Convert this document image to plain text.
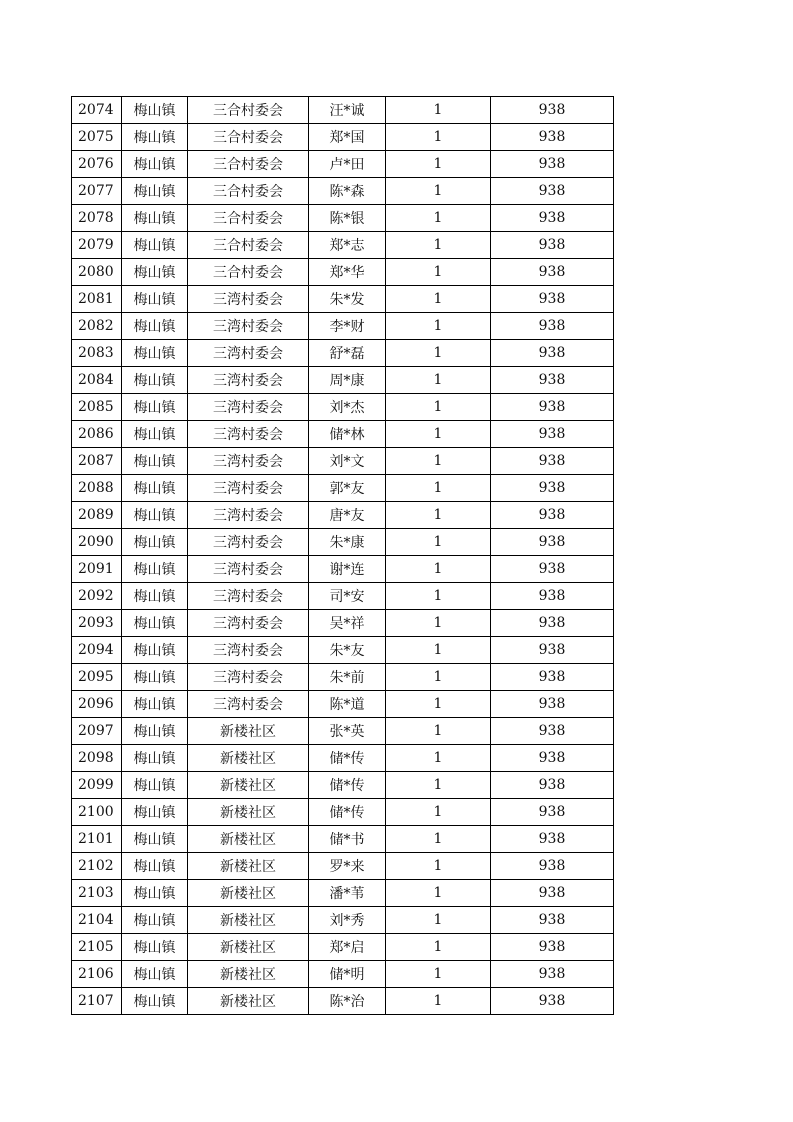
2074	梅山镇	三合村委会	汪*诚	1	938
2075	梅山镇	三合村委会	郑*国	1	938
2076	梅山镇	三合村委会	卢*田	1	938
2077	梅山镇	三合村委会	陈*森	1	938
2078	梅山镇	三合村委会	陈*银	1	938
2079	梅山镇	三合村委会	郑*志	1	938
2080	梅山镇	三合村委会	郑*华	1	938
2081	梅山镇	三湾村委会	朱*发	1	938
2082	梅山镇	三湾村委会	李*财	1	938
2083	梅山镇	三湾村委会	舒*磊	1	938
2084	梅山镇	三湾村委会	周*康	1	938
2085	梅山镇	三湾村委会	刘*杰	1	938
2086	梅山镇	三湾村委会	储*林	1	938
2087	梅山镇	三湾村委会	刘*文	1	938
2088	梅山镇	三湾村委会	郭*友	1	938
2089	梅山镇	三湾村委会	唐*友	1	938
2090	梅山镇	三湾村委会	朱*康	1	938
2091	梅山镇	三湾村委会	谢*连	1	938
2092	梅山镇	三湾村委会	司*安	1	938
2093	梅山镇	三湾村委会	吴*祥	1	938
2094	梅山镇	三湾村委会	朱*友	1	938
2095	梅山镇	三湾村委会	朱*前	1	938
2096	梅山镇	三湾村委会	陈*道	1	938
2097	梅山镇	新楼社区	张*英	1	938
2098	梅山镇	新楼社区	储*传	1	938
2099	梅山镇	新楼社区	储*传	1	938
2100	梅山镇	新楼社区	储*传	1	938
2101	梅山镇	新楼社区	储*书	1	938
2102	梅山镇	新楼社区	罗*来	1	938
2103	梅山镇	新楼社区	潘*苇	1	938
2104	梅山镇	新楼社区	刘*秀	1	938
2105	梅山镇	新楼社区	郑*启	1	938
2106	梅山镇	新楼社区	储*明	1	938
2107	梅山镇	新楼社区	陈*治	1	938
